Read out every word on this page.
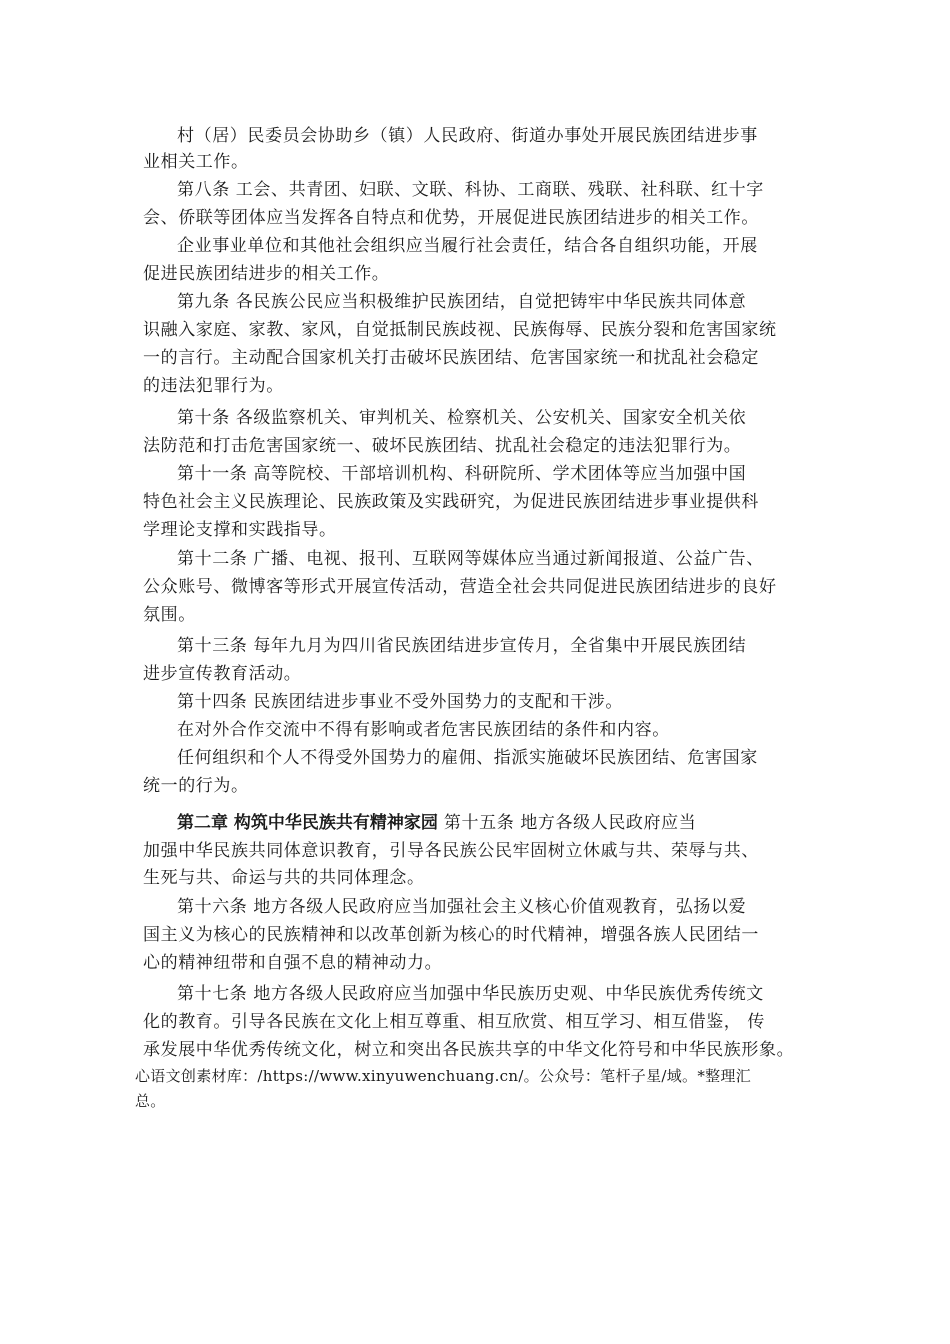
村（居）民委员会协助乡（镇）人民政府、街道办事处开展民族团结进步事

业相关工作。

第八条 工会、共青团、妇联、文联、科协、工商联、残联、社科联、红十字

会、侨联等团体应当发挥各自特点和优势，开展促进民族团结进步的相关工作。

企业事业单位和其他社会组织应当履行社会责任，结合各自组织功能，开展

促进民族团结进步的相关工作。

第九条 各民族公民应当积极维护民族团结，自觉把铸牢中华民族共同体意

识融入家庭、家教、家风，自觉抵制民族歧视、民族侮辱、民族分裂和危害国家统

一的言行。主动配合国家机关打击破坏民族团结、危害国家统一和扰乱社会稳定

的违法犯罪行为。

第十条 各级监察机关、审判机关、检察机关、公安机关、国家安全机关依

法防范和打击危害国家统一、破坏民族团结、扰乱社会稳定的违法犯罪行为。

第十一条 高等院校、干部培训机构、科研院所、学术团体等应当加强中国

特色社会主义民族理论、民族政策及实践研究，为促进民族团结进步事业提供科

学理论支撑和实践指导。

第十二条 广播、电视、报刊、互联网等媒体应当通过新闻报道、公益广告、

公众账号、微博客等形式开展宣传活动，营造全社会共同促进民族团结进步的良好

氛围。

第十三条 每年九月为四川省民族团结进步宣传月，全省集中开展民族团结

进步宣传教育活动。

第十四条 民族团结进步事业不受外国势力的支配和干涉。

在对外合作交流中不得有影响或者危害民族团结的条件和内容。

任何组织和个人不得受外国势力的雇佣、指派实施破坏民族团结、危害国家

统一的行为。

第二章 构筑中华民族共有精神家园 第十五条 地方各级人民政府应当

加强中华民族共同体意识教育，引导各民族公民牢固树立休戚与共、荣辱与共、

生死与共、命运与共的共同体理念。

第十六条 地方各级人民政府应当加强社会主义核心价值观教育，弘扬以爱

国主义为核心的民族精神和以改革创新为核心的时代精神，增强各族人民团结一

心的精神纽带和自强不息的精神动力。

第十七条 地方各级人民政府应当加强中华民族历史观、中华民族优秀传统文

化的教育。引导各民族在文化上相互尊重、相互欣赏、相互学习、相互借鉴， 传

承发展中华优秀传统文化，树立和突出各民族共享的中华文化符号和中华民族形象。

心语文创素材库：/https://www.xinyuwenchuang.cn/。公众号：笔杆子星/域。*整理汇

总。
